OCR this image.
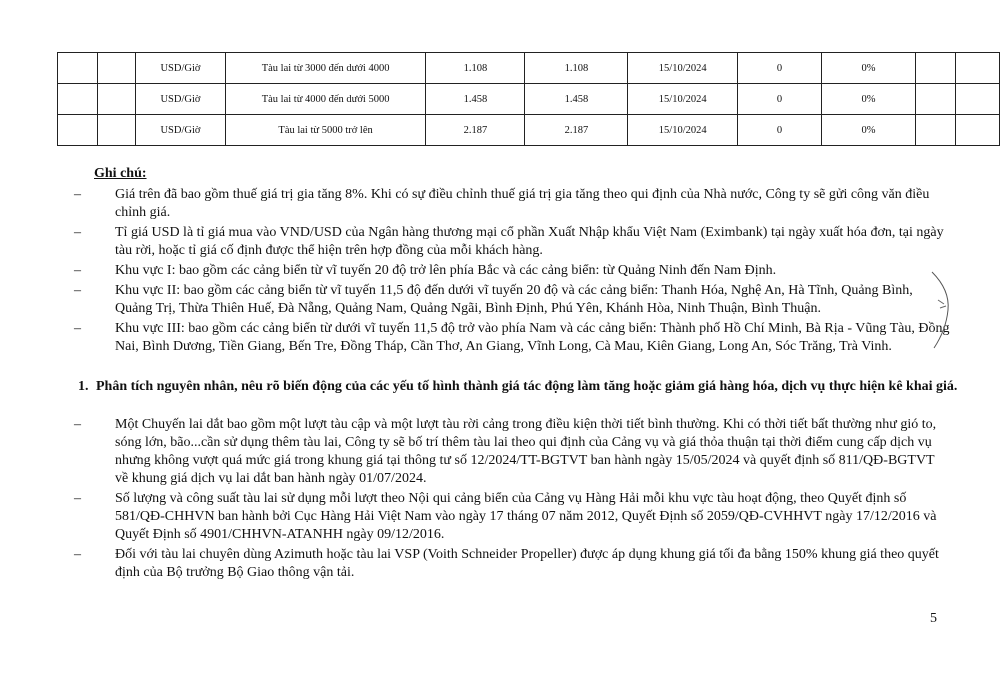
		USD/Giờ	Tàu lai từ 3000 đến dưới 4000	1.108	1.108	15/10/2024	0	0%		
		USD/Giờ	Tàu lai từ 4000 đến dưới 5000	1.458	1.458	15/10/2024	0	0%		
		USD/Giờ	Tàu lai từ 5000 trở lên	2.187	2.187	15/10/2024	0	0%		

Ghi chú:

–	Giá trên đã bao gồm thuế giá trị gia tăng 8%. Khi có sự điều chỉnh thuế giá trị gia tăng theo qui định của Nhà nước, Công ty sẽ gửi công văn điều chỉnh giá.
–	Tỉ giá USD là tỉ giá mua vào VND/USD của Ngân hàng thương mại cổ phần Xuất Nhập khẩu Việt Nam (Eximbank) tại ngày xuất hóa đơn, tại ngày tàu rời, hoặc tỉ giá cố định được thể hiện trên hợp đồng của mỗi khách hàng.
–	Khu vực I: bao gồm các cảng biển từ vĩ tuyến 20 độ trở lên phía Bắc và các cảng biển: từ Quảng Ninh đến Nam Định.
–	Khu vực II: bao gồm các cảng biển từ vĩ tuyến 11,5 độ đến dưới vĩ tuyến 20 độ và các cảng biển: Thanh Hóa, Nghệ An, Hà Tĩnh, Quảng Bình, Quảng Trị, Thừa Thiên Huế, Đà Nẵng, Quảng Nam, Quảng Ngãi, Bình Định, Phú Yên, Khánh Hòa, Ninh Thuận, Bình Thuận.
–	Khu vực III: bao gồm các cảng biển từ dưới vĩ tuyến 11,5 độ trở vào phía Nam và các cảng biển: Thành phố Hồ Chí Minh, Bà Rịa - Vũng Tàu, Đồng Nai, Bình Dương, Tiền Giang, Bến Tre, Đồng Tháp, Cần Thơ, An Giang, Vĩnh Long, Cà Mau, Kiên Giang, Long An, Sóc Trăng, Trà Vinh.
1. Phân tích nguyên nhân, nêu rõ biến động của các yếu tố hình thành giá tác động làm tăng hoặc giảm giá hàng hóa, dịch vụ thực hiện kê khai giá.
–	Một Chuyến lai dắt bao gồm một lượt tàu cập và một lượt tàu rời cảng trong điều kiện thời tiết bình thường. Khi có thời tiết bất thường như gió to, sóng lớn, bão...cần sử dụng thêm tàu lai, Công ty sẽ bố trí thêm tàu lai theo qui định của Cảng vụ và giá thỏa thuận tại thời điểm cung cấp dịch vụ nhưng không vượt quá mức giá trong khung giá tại thông tư số 12/2024/TT-BGTVT ban hành ngày 15/05/2024 và quyết định số 811/QĐ-BGTVT về khung giá dịch vụ lai dắt ban hành ngày 01/07/2024.
–	Số lượng và công suất tàu lai sử dụng mỗi lượt theo Nội qui cảng biển của Cảng vụ Hàng Hải mỗi khu vực tàu hoạt động, theo Quyết định số 581/QĐ-CHHVN ban hành bởi Cục Hàng Hải Việt Nam vào ngày 17 tháng 07 năm 2012, Quyết Định số 2059/QĐ-CVHHVT ngày 17/12/2016 và Quyết Định số 4901/CHHVN-ATANHH ngày 09/12/2016.
–	Đối với tàu lai chuyên dùng Azimuth hoặc tàu lai VSP (Voith Schneider Propeller) được áp dụng khung giá tối đa bằng 150% khung giá theo quyết định của Bộ trưởng Bộ Giao thông vận tải.
5
